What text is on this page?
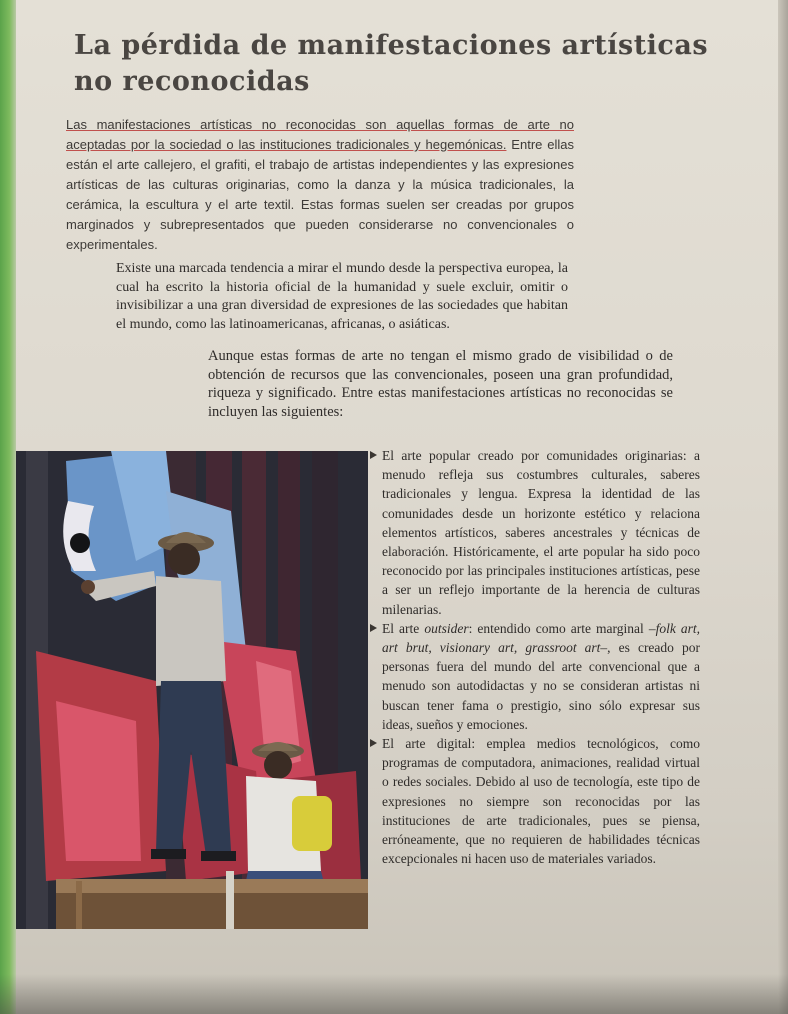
La pérdida de manifestaciones artísticas no reconocidas

Las manifestaciones artísticas no reconocidas son aquellas formas de arte no aceptadas por la sociedad o las instituciones tradicionales y hegemónicas. Entre ellas están el arte callejero, el grafiti, el trabajo de artistas independientes y las expresiones artísticas de las culturas originarias, como la danza y la música tradicionales, la cerámica, la escultura y el arte textil. Estas formas suelen ser creadas por grupos marginados y subrepresentados que pueden considerarse no convencionales o experimentales.

Existe una marcada tendencia a mirar el mundo desde la perspectiva europea, la cual ha escrito la historia oficial de la humanidad y suele excluir, omitir o invisibilizar a una gran diversidad de expresiones de las sociedades que habitan el mundo, como las latinoamericanas, africanas, o asiáticas.

Aunque estas formas de arte no tengan el mismo grado de visibilidad o de obtención de recursos que las convencionales, poseen una gran profundidad, riqueza y significado. Entre estas manifestaciones artísticas no reconocidas se incluyen las siguientes:

El arte popular creado por comunidades originarias: a menudo refleja sus costumbres culturales, saberes tradicionales y lengua. Expresa la identidad de las comunidades desde un horizonte estético y relaciona elementos artísticos, saberes ancestrales y técnicas de elaboración. Históricamente, el arte popular ha sido poco reconocido por las principales instituciones artísticas, pese a ser un reflejo importante de la herencia de culturas milenarias.
El arte outsider: entendido como arte marginal –folk art, art brut, visionary art, grassroot art–, es creado por personas fuera del mundo del arte convencional que a menudo son autodidactas y no se consideran artistas ni buscan tener fama o prestigio, sino sólo expresar sus ideas, sueños y emociones.
El arte digital: emplea medios tecnológicos, como programas de computadora, animaciones, realidad virtual o redes sociales. Debido al uso de tecnología, este tipo de expresiones no siempre son reconocidas por las instituciones de arte tradicionales, pues se piensa, erróneamente, que no requieren de habilidades técnicas excepcionales ni hacen uso de materiales variados.
